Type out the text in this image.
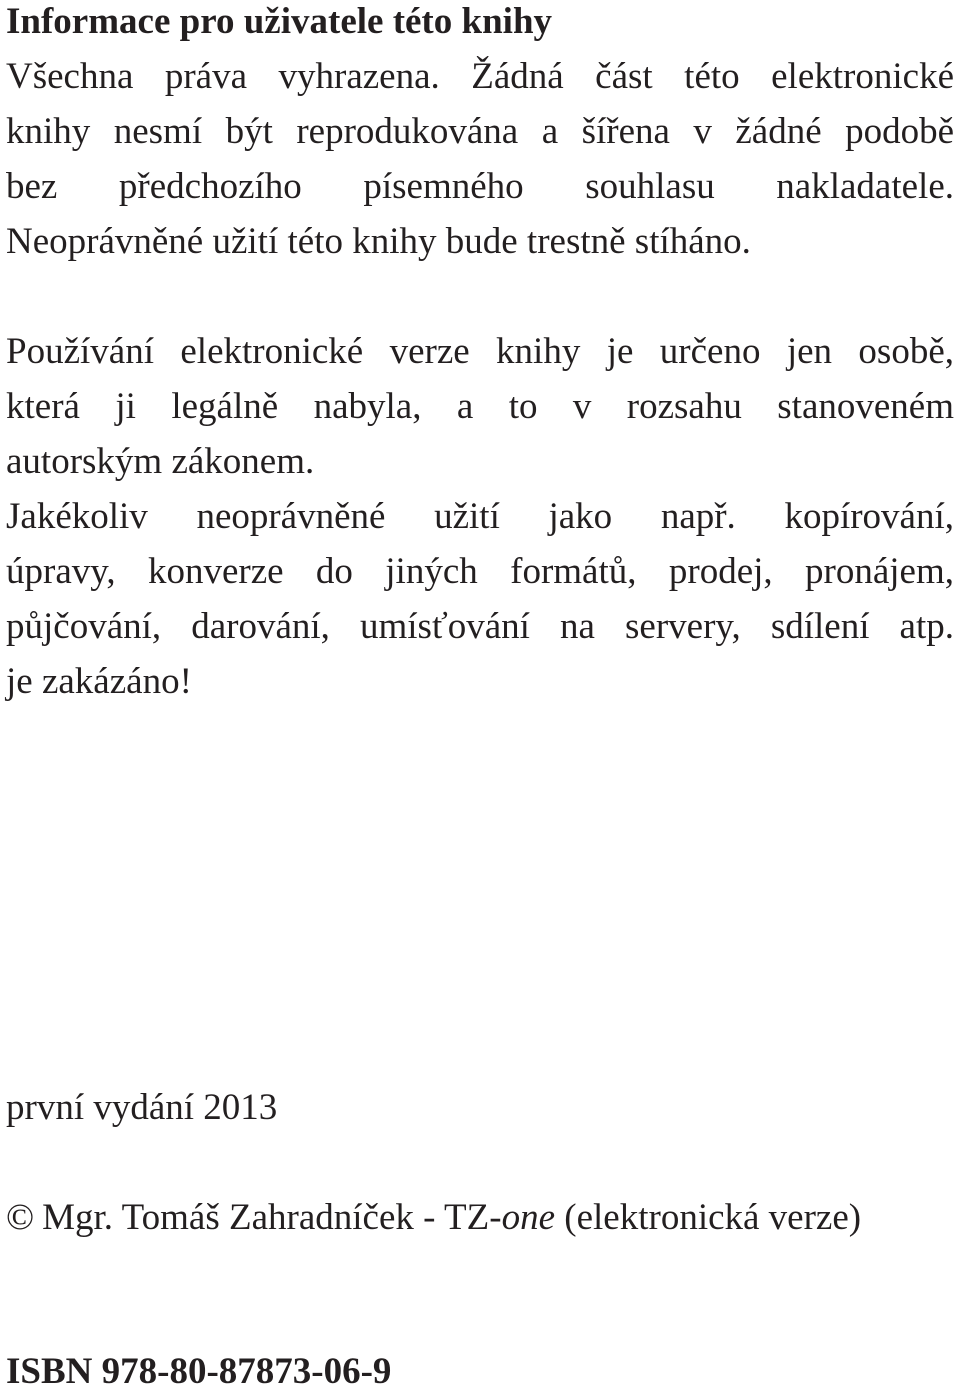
Informace pro uživatele této knihy

Všechna práva vyhrazena. Žádná část této elektronické

knihy nesmí být reprodukována a šířena v žádné podobě

bez předchozího písemného souhlasu nakladatele.

Neoprávněné užití této knihy bude trestně stíháno.

Používání elektronické verze knihy je určeno jen osobě,

která ji legálně nabyla, a to v rozsahu stanoveném

autorským zákonem.

Jakékoliv neoprávněné užití jako např. kopírování,

úpravy, konverze do jiných formátů, prodej, pronájem,

půjčování, darování, umísťování na servery, sdílení atp.

je zakázáno!

první vydání 2013

© Mgr. Tomáš Zahradníček - TZ-one (elektronická verze)

ISBN 978-80-87873-06-9
